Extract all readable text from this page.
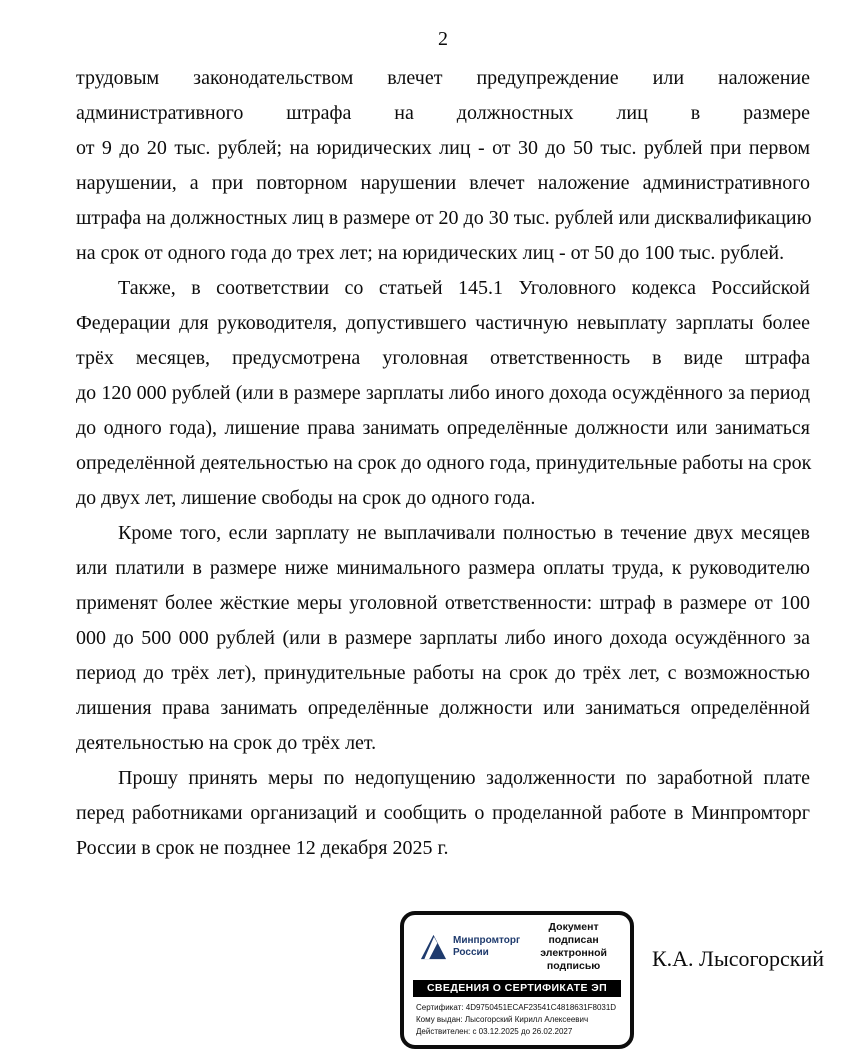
2
трудовым законодательством влечет предупреждение или наложение
административного штрафа на должностных лиц в размере
от 9 до 20 тыс. рублей; на юридических лиц - от 30 до 50 тыс. рублей при первом
нарушении, а при повторном нарушении влечет наложение административного
штрафа на должностных лиц в размере от 20 до 30 тыс. рублей или дисквалификацию
на срок от одного года до трех лет; на юридических лиц - от 50 до 100 тыс. рублей.
Также, в соответствии со статьей 145.1 Уголовного кодекса Российской
Федерации для руководителя, допустившего частичную невыплату зарплаты более
трёх месяцев, предусмотрена уголовная ответственность в виде штрафа
до 120 000 рублей (или в размере зарплаты либо иного дохода осуждённого за период
до одного года), лишение права занимать определённые должности или заниматься
определённой деятельностью на срок до одного года, принудительные работы на срок
до двух лет, лишение свободы на срок до одного года.
Кроме того, если зарплату не выплачивали полностью в течение двух месяцев
или платили в размере ниже минимального размера оплаты труда, к руководителю
применят более жёсткие меры уголовной ответственности: штраф в размере от 100
000 до 500 000 рублей (или в размере зарплаты либо иного дохода осуждённого за
период до трёх лет), принудительные работы на срок до трёх лет, с возможностью
лишения права занимать определённые должности или заниматься определённой
деятельностью на срок до трёх лет.
Прошу принять меры по недопущению задолженности по заработной плате
перед работниками организаций и сообщить о проделанной работе в Минпромторг
России в срок не позднее 12 декабря 2025 г.
Минпромторг
России
Документ подписан электронной подписью
СВЕДЕНИЯ О СЕРТИФИКАТЕ ЭП
Сертификат: 4D9750451ECAF23541C4818631F8031D
Кому выдан: Лысогорский Кирилл Алексеевич
Действителен: с 03.12.2025 до 26.02.2027
К.А. Лысогорский
